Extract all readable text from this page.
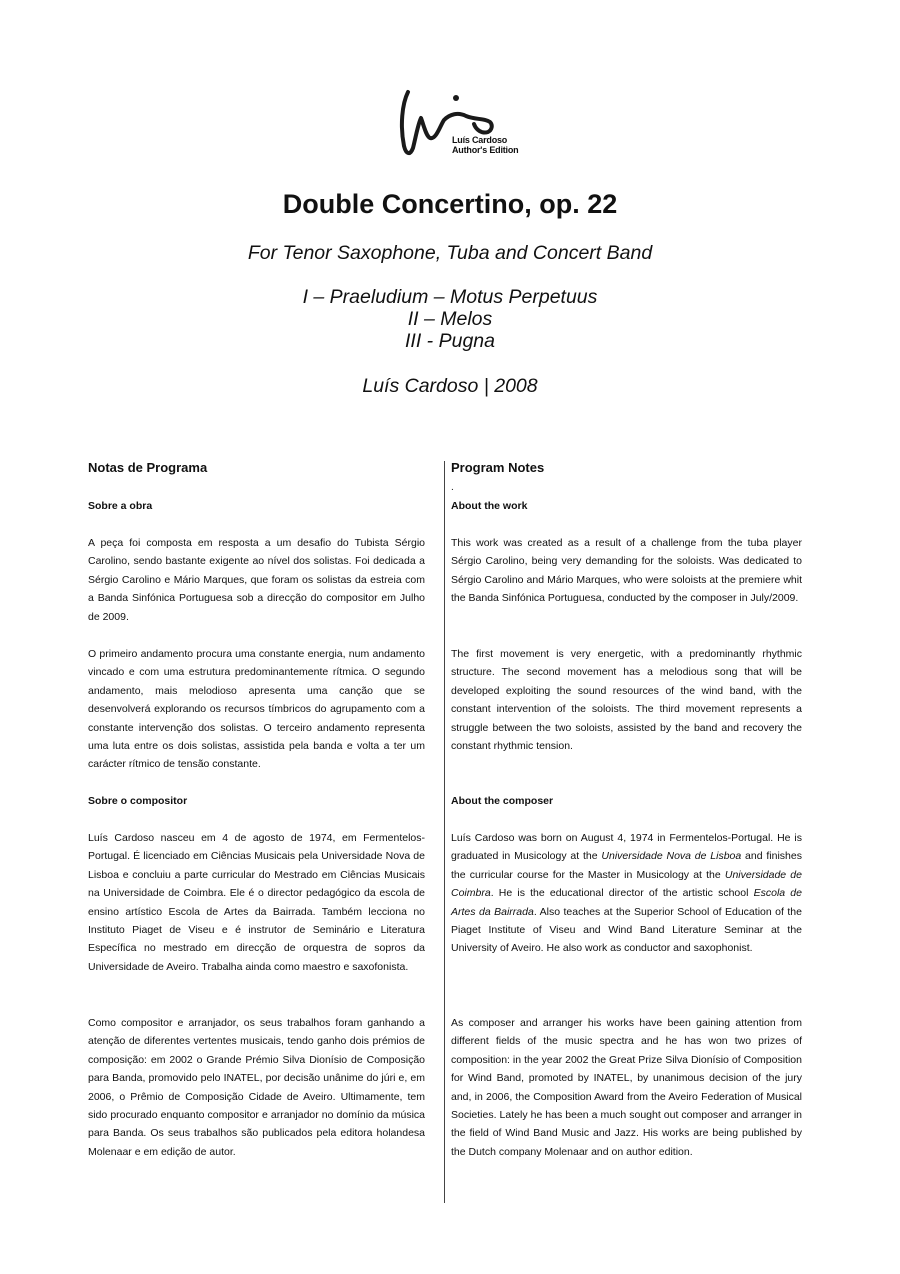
Luís Cardoso
Author's Edition
Double Concertino, op. 22
For Tenor Saxophone, Tuba and Concert Band
I – Praeludium – Motus Perpetuus
II – Melos
III - Pugna
Luís Cardoso | 2008
Notas de Programa
Sobre a obra
A peça foi composta em resposta a um desafio do Tubista Sérgio Carolino, sendo bastante exigente ao nível dos solistas. Foi dedicada a Sérgio Carolino e Mário Marques, que foram os solistas da estreia com a Banda Sinfónica Portuguesa sob a direcção do compositor em Julho de 2009.
O primeiro andamento procura uma constante energia, num andamento vincado e com uma estrutura predominantemente rítmica. O segundo andamento, mais melodioso apresenta uma canção que se desenvolverá explorando os recursos tímbricos do agrupamento com a constante intervenção dos solistas. O terceiro andamento representa uma luta entre os dois solistas, assistida pela banda e volta a ter um carácter rítmico de tensão constante.
Sobre o compositor
Luís Cardoso nasceu em 4 de agosto de 1974, em Fermentelos-Portugal. É licenciado em Ciências Musicais pela Universidade Nova de Lisboa e concluiu a parte curricular do Mestrado em Ciências Musicais na Universidade de Coimbra. Ele é o director pedagógico da escola de ensino artístico Escola de Artes da Bairrada. Também lecciona no Instituto Piaget de Viseu e é instrutor de Seminário e Literatura Específica no mestrado em direcção de orquestra de sopros da Universidade de Aveiro. Trabalha ainda como maestro e saxofonista.
Como compositor e arranjador, os seus trabalhos foram ganhando a atenção de diferentes vertentes musicais, tendo ganho dois prémios de composição: em 2002 o Grande Prémio Silva Dionísio de Composição para Banda, promovido pelo INATEL, por decisão unânime do júri e, em 2006, o Prêmio de Composição Cidade de Aveiro. Ultimamente, tem sido procurado enquanto compositor e arranjador no domínio da música para Banda. Os seus trabalhos são publicados pela editora holandesa Molenaar e em edição de autor.
Program Notes
.
About the work
This work was created as a result of a challenge from the tuba player Sérgio Carolino, being very demanding for the soloists. Was dedicated to Sérgio Carolino and Mário Marques, who were soloists at the premiere whit the Banda Sinfónica Portuguesa, conducted by the composer in July/2009.
The first movement is very energetic, with a predominantly rhythmic structure. The second movement has a melodious song that will be developed exploiting the sound resources of the wind band, with the constant intervention of the soloists. The third movement represents a struggle between the two soloists, assisted by the band and recovery the constant rhythmic tension.
About the composer
Luís Cardoso was born on August 4, 1974 in Fermentelos-Portugal. He is graduated in Musicology at the Universidade Nova de Lisboa and finishes the curricular course for the Master in Musicology at the Universidade de Coimbra. He is the educational director of the artistic school Escola de Artes da Bairrada. Also teaches at the Superior School of Education of the Piaget Institute of Viseu and Wind Band Literature Seminar at the University of Aveiro. He also work as conductor and saxophonist.
As composer and arranger his works have been gaining attention from different fields of the music spectra and he has won two prizes of composition: in the year 2002 the Great Prize Silva Dionísio of Composition for Wind Band, promoted by INATEL, by unanimous decision of the jury and, in 2006, the Composition Award from the Aveiro Federation of Musical Societies. Lately he has been a much sought out composer and arranger in the field of Wind Band Music and Jazz. His works are being published by the Dutch company Molenaar and on author edition.
